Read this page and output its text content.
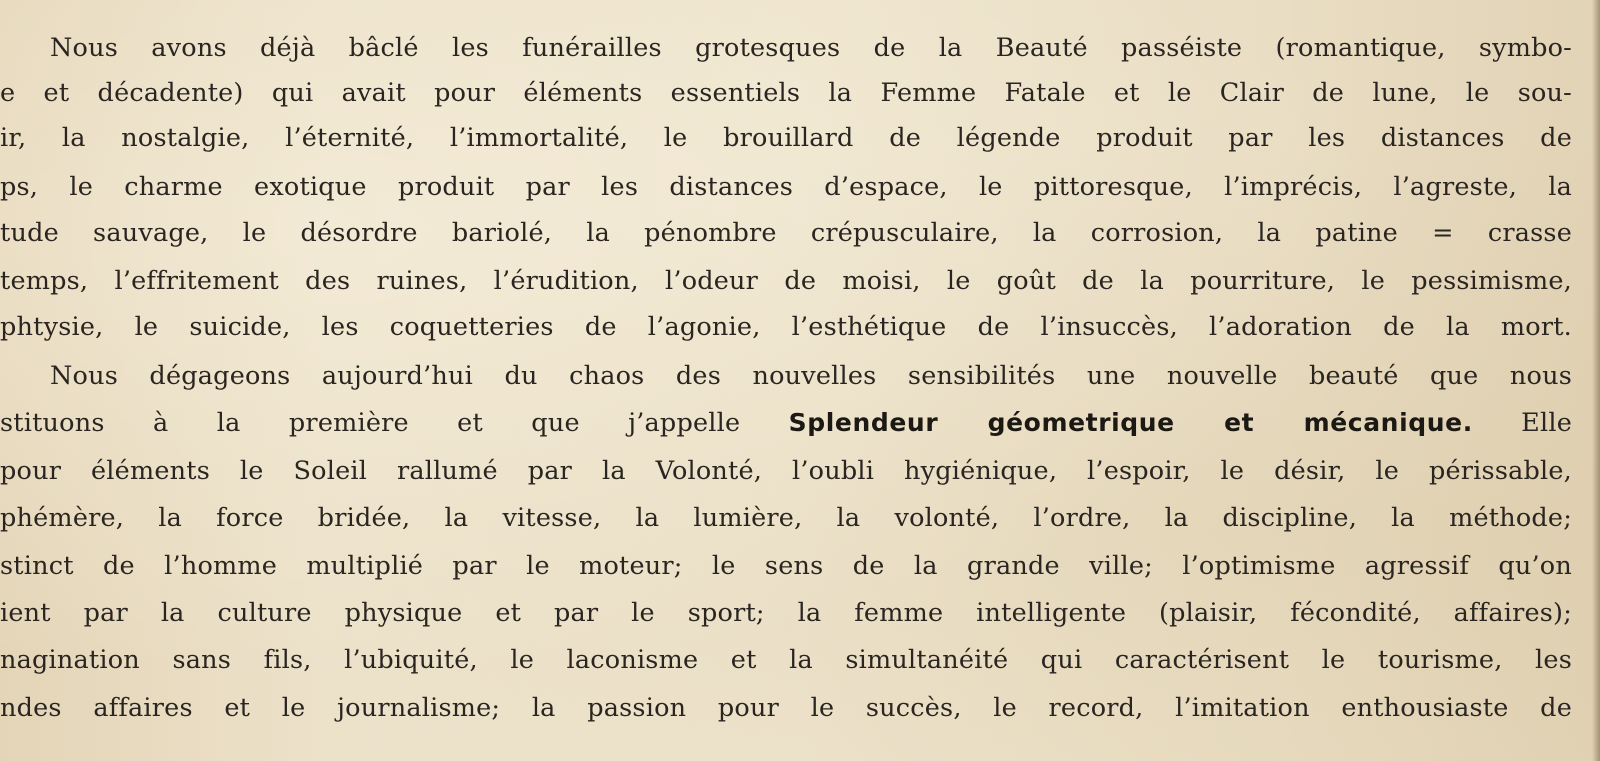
Nous avons déjà bâclé les funérailles grotesques de la Beauté passéiste (romantique, symbo-
e et décadente) qui avait pour éléments essentiels la Femme Fatale et le Clair de lune, le sou-
ir, la nostalgie, l’éternité, l’immortalité, le brouillard de légende produit par les distances de
ps, le charme exotique produit par les distances d’espace, le pittoresque, l’imprécis, l’agreste, la
tude sauvage, le désordre bariolé, la pénombre crépusculaire, la corrosion, la patine = crasse
temps, l’effritement des ruines, l’érudition, l’odeur de moisi, le goût de la pourriture, le pessimisme,
phtysie, le suicide, les coquetteries de l’agonie, l’esthétique de l’insuccès, l’adoration de la mort.
Nous dégageons aujourd’hui du chaos des nouvelles sensibilités une nouvelle beauté que nous
stituons à la première et que j’appelle Splendeur géometrique et mécanique. Elle
pour éléments le Soleil rallumé par la Volonté, l’oubli hygiénique, l’espoir, le désir, le périssable,
phémère, la force bridée, la vitesse, la lumière, la volonté, l’ordre, la discipline, la méthode;
stinct de l’homme multiplié par le moteur; le sens de la grande ville; l’optimisme agressif qu’on
ient par la culture physique et par le sport; la femme intelligente (plaisir, fécondité, affaires);
nagination sans fils, l’ubiquité, le laconisme et la simultanéité qui caractérisent le tourisme, les
ndes affaires et le journalisme; la passion pour le succès, le record, l’imitation enthousiaste de
